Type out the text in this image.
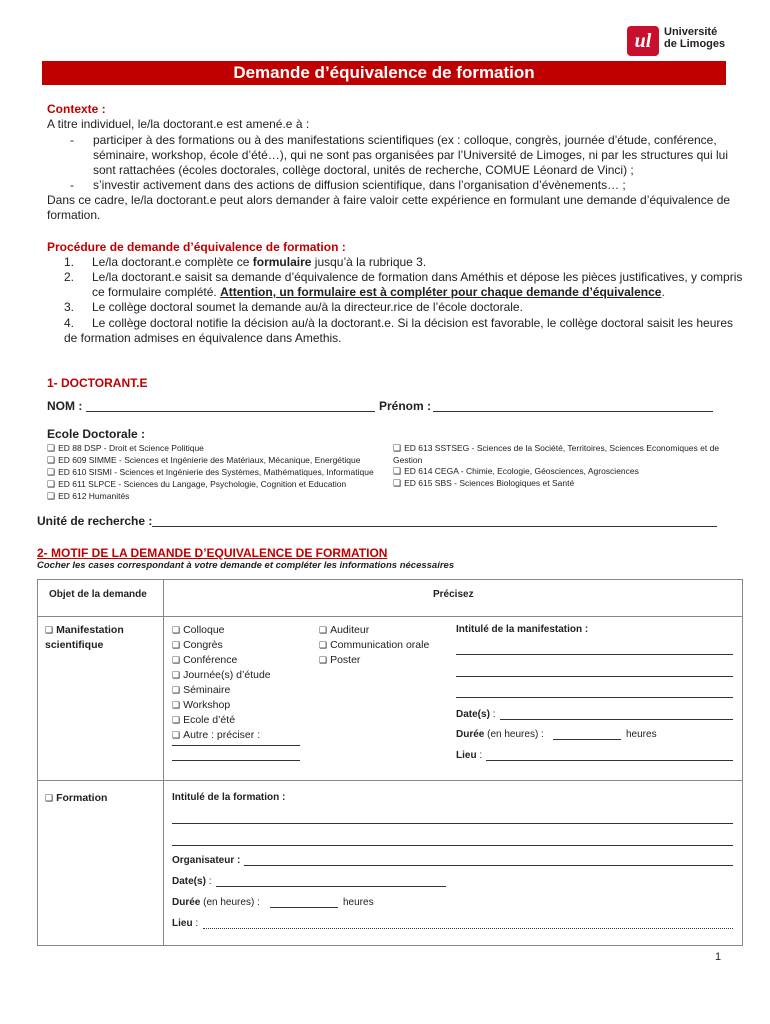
ul	Université
de Limoges
Demande d’équivalence de formation
Contexte :
A titre individuel, le/la doctorant.e est amené.e à :
- participer à des formations ou à des manifestations scientifiques (ex : colloque, congrès, journée d’étude, conférence,
séminaire, workshop, école d’été…), qui ne sont pas organisées par l’Université de Limoges, ni par les structures qui lui
sont rattachées (écoles doctorales, collège doctoral, unités de recherche, COMUE Léonard de Vinci) ;
- s’investir activement dans des actions de diffusion scientifique, dans l’organisation d’évènements… ;
Dans ce cadre, le/la doctorant.e peut alors demander à faire valoir cette expérience en formulant une demande d’équivalence de
formation.
Procédure de demande d’équivalence de formation :
1. Le/la doctorant.e complète ce formulaire jusqu’à la rubrique 3.
2. Le/la doctorant.e saisit sa demande d’équivalence de formation dans Améthis et dépose les pièces justificatives, y compris
ce formulaire complété. Attention, un formulaire est à compléter pour chaque demande d’équivalence.
3. Le collège doctoral soumet la demande au/à la directeur.rice de l’école doctorale.
4. Le collège doctoral notifie la décision au/à la doctorant.e. Si la décision est favorable, le collège doctoral saisit les heures
de formation admises en équivalence dans Amethis.
1- DOCTORANT.E
NOM :	Prénom :
Ecole Doctorale :
❑ ED 88 DSP - Droit et Science Politique
❑ ED 609 SIMME - Sciences et Ingénierie des Matériaux, Mécanique, Energétique
❑ ED 610 SISMI - Sciences et Ingénierie des Systèmes, Mathématiques, Informatique
❑ ED 611 SLPCE - Sciences du Langage, Psychologie, Cognition et Education
❑ ED 612 Humanités
❑ ED 613 SSTSEG - Sciences de la Société, Territoires, Sciences Economiques et de
Gestion
❑ ED 614 CEGA - Chimie, Ecologie, Géosciences, Agrosciences
❑ ED 615 SBS - Sciences Biologiques et Santé
Unité de recherche :
2- MOTIF DE LA DEMANDE D’EQUIVALENCE DE FORMATION
Cocher les cases correspondant à votre demande et compléter les informations nécessaires
Objet de la demande	Précisez
❑ Manifestation
scientifique
❑ Colloque
❑ Congrès
❑ Conférence
❑ Journée(s) d’étude
❑ Séminaire
❑ Workshop
❑ Ecole d’été
❑ Autre : préciser :
❑ Auditeur
❑ Communication orale
❑ Poster
Intitulé de la manifestation :
Date(s) :
Durée (en heures) :	heures
Lieu :
❑ Formation	Intitulé de la formation :
Organisateur :
Date(s) :
Durée (en heures) :	heures
Lieu :
1
